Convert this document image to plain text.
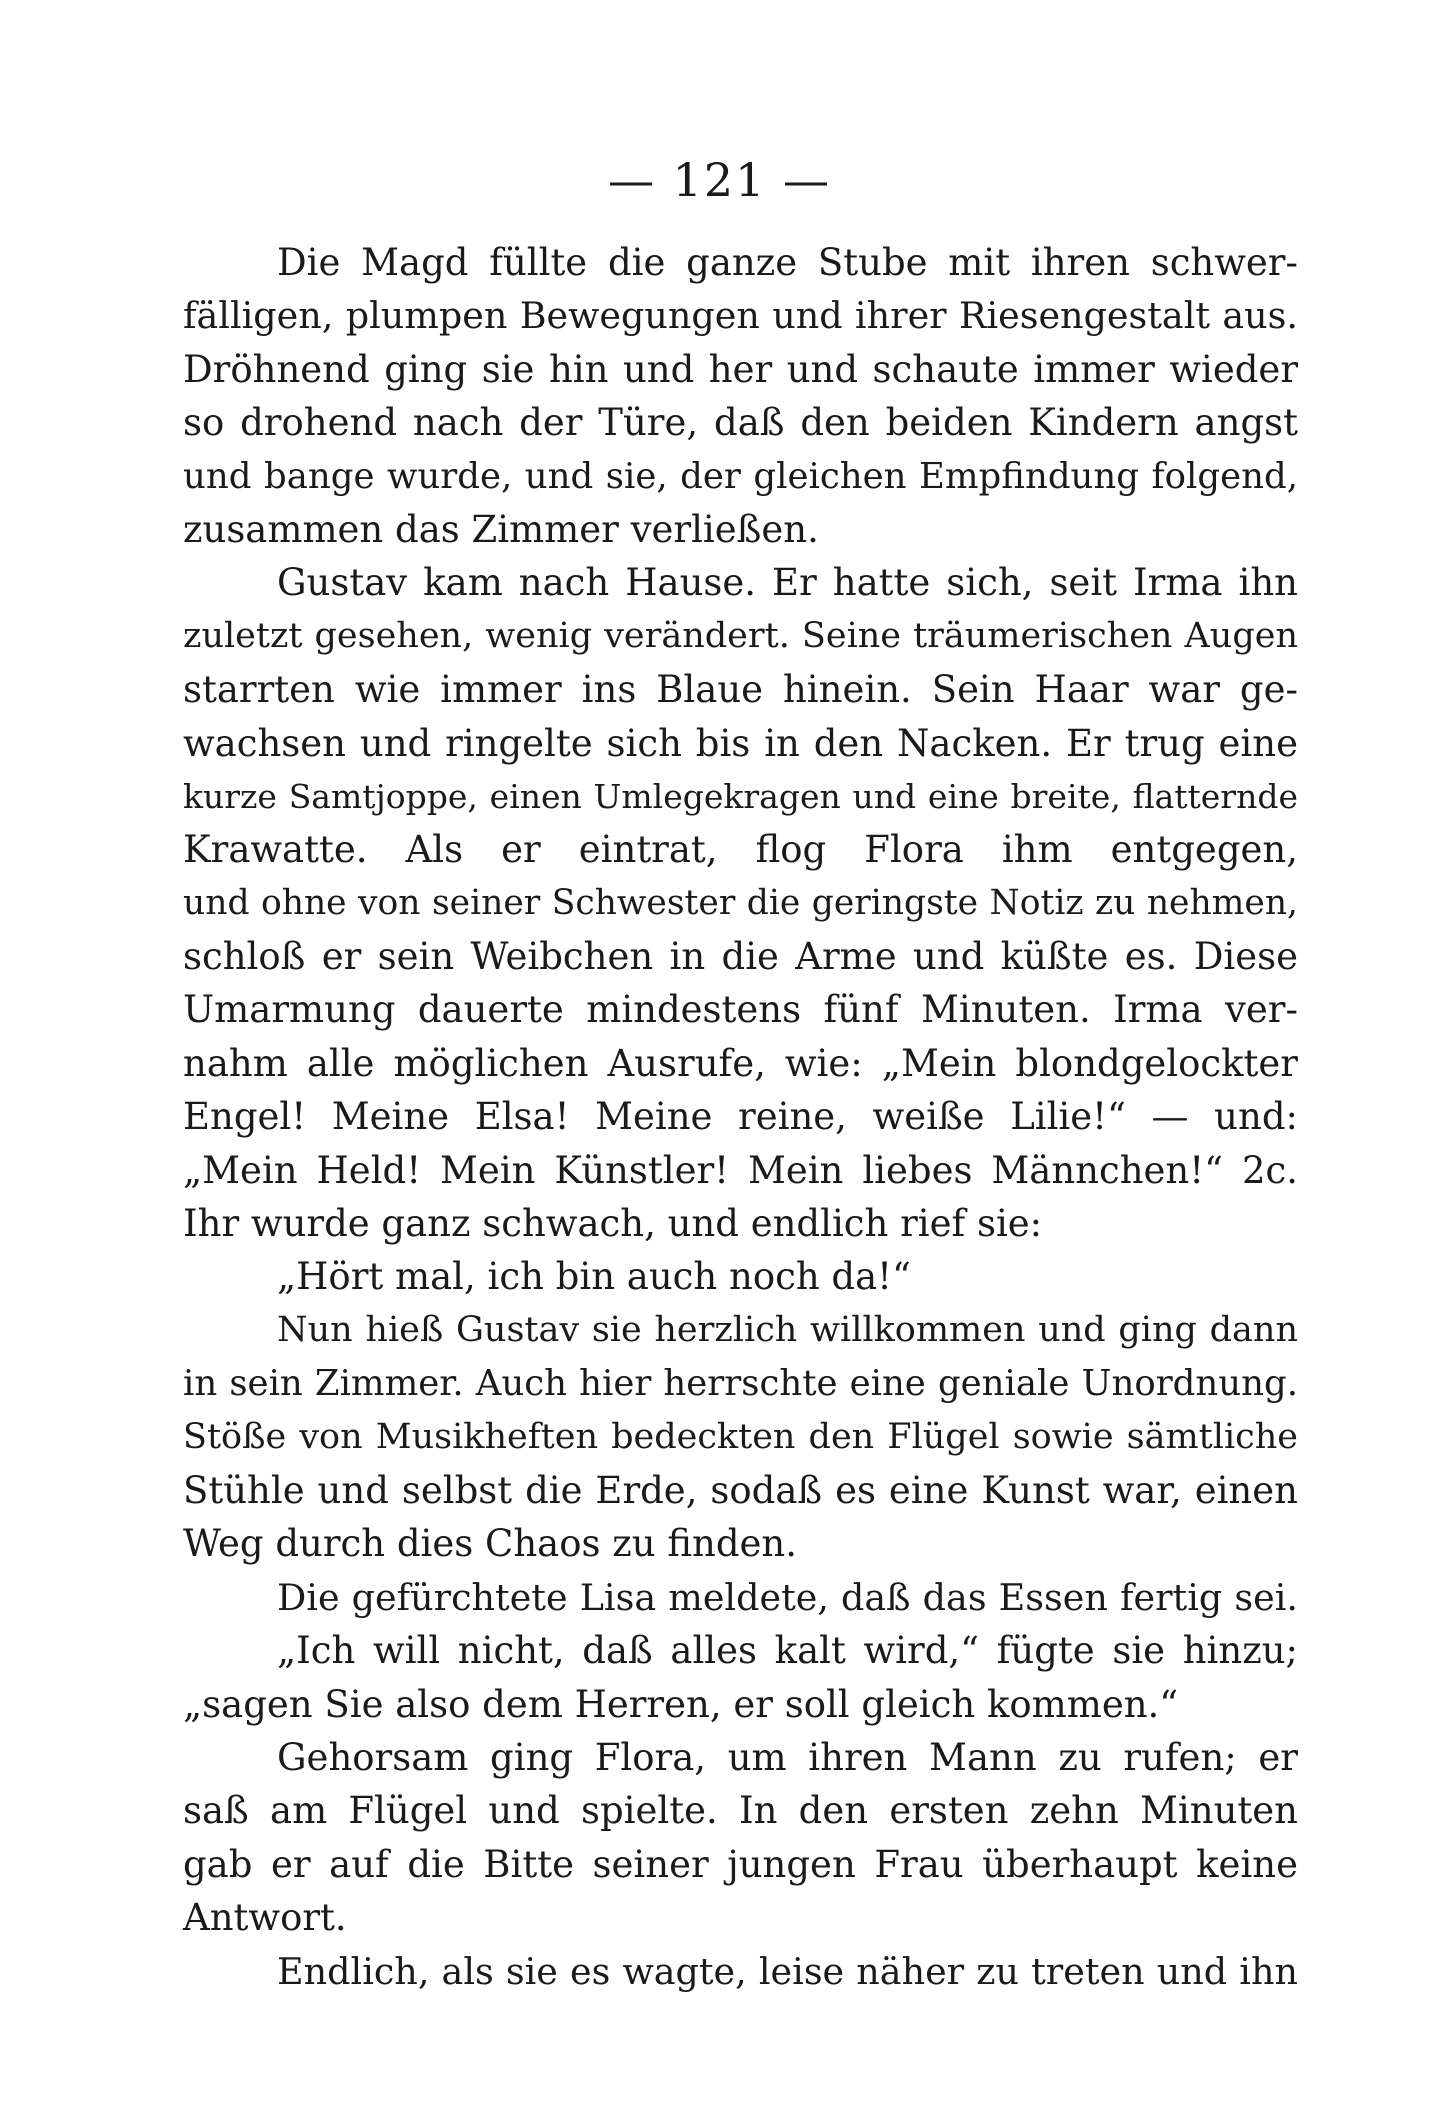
— 121 —
Die Magd füllte die ganze Stube mit ihren schwer-
fälligen, plumpen Bewegungen und ihrer Riesengestalt aus.
Dröhnend ging sie hin und her und schaute immer wieder
so drohend nach der Türe, daß den beiden Kindern angst
und bange wurde, und sie, der gleichen Empfindung folgend,
zusammen das Zimmer verließen.
Gustav kam nach Hause. Er hatte sich, seit Irma ihn
zuletzt gesehen, wenig verändert. Seine träumerischen Augen
starrten wie immer ins Blaue hinein. Sein Haar war ge-
wachsen und ringelte sich bis in den Nacken. Er trug eine
kurze Samtjoppe, einen Umlegekragen und eine breite, flatternde
Krawatte. Als er eintrat, flog Flora ihm entgegen,
und ohne von seiner Schwester die geringste Notiz zu nehmen,
schloß er sein Weibchen in die Arme und küßte es. Diese
Umarmung dauerte mindestens fünf Minuten. Irma ver-
nahm alle möglichen Ausrufe, wie: „Mein blondgelockter
Engel! Meine Elsa! Meine reine, weiße Lilie!“ — und:
„Mein Held! Mein Künstler! Mein liebes Männchen!“ 2c.
Ihr wurde ganz schwach, und endlich rief sie:
„Hört mal, ich bin auch noch da!“
Nun hieß Gustav sie herzlich willkommen und ging dann
in sein Zimmer. Auch hier herrschte eine geniale Unordnung.
Stöße von Musikheften bedeckten den Flügel sowie sämtliche
Stühle und selbst die Erde, sodaß es eine Kunst war, einen
Weg durch dies Chaos zu finden.
Die gefürchtete Lisa meldete, daß das Essen fertig sei.
„Ich will nicht, daß alles kalt wird,“ fügte sie hinzu;
„sagen Sie also dem Herren, er soll gleich kommen.“
Gehorsam ging Flora, um ihren Mann zu rufen; er
saß am Flügel und spielte. In den ersten zehn Minuten
gab er auf die Bitte seiner jungen Frau überhaupt keine
Antwort.
Endlich, als sie es wagte, leise näher zu treten und ihn
